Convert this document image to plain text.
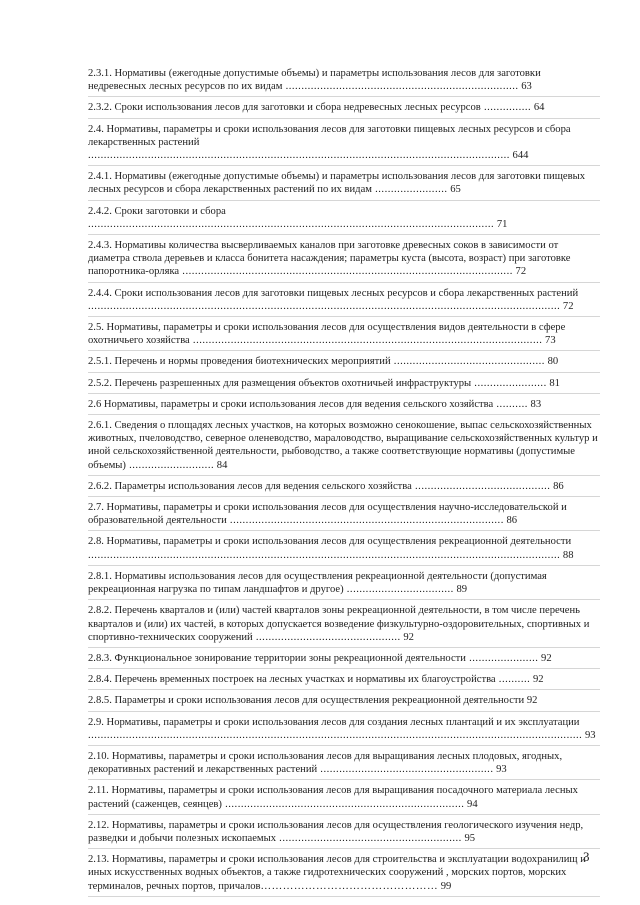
2.3.1. Нормативы (ежегодные допустимые объемы) и параметры использования лесов для заготовки недревесных лесных ресурсов по их видам .......................................................................... 63
2.3.2. Сроки использования лесов для заготовки и сбора недревесных лесных ресурсов ............... 64
2.4. Нормативы, параметры и сроки использования лесов для заготовки пищевых лесных ресурсов и сбора лекарственных растений ...................................................................................................................................... 644
2.4.1. Нормативы (ежегодные допустимые объемы) и параметры использования лесов для заготовки пищевых лесных ресурсов и сбора лекарственных растений по их видам ....................... 65
2.4.2. Сроки заготовки и сбора ................................................................................................................................. 71
2.4.3. Нормативы количества высверливаемых каналов при заготовке древесных соков в зависимости от диаметра ствола деревьев и класса бонитета насаждения; параметры куста (высота, возраст) при заготовке папоротника-орляка ......................................................................................................... 72
2.4.4. Сроки использования лесов для заготовки пищевых лесных ресурсов и сбора лекарственных растений ...................................................................................................................................................... 72
2.5. Нормативы, параметры и сроки использования лесов для осуществления видов деятельности в сфере охотничьего хозяйства ............................................................................................................... 73
2.5.1. Перечень и нормы проведения биотехнических мероприятий ................................................ 80
2.5.2. Перечень разрешенных для размещения объектов охотничьей инфраструктуры ....................... 81
2.6 Нормативы, параметры и сроки использования лесов для ведения сельского хозяйства .......... 83
2.6.1. Сведения о площадях лесных участков, на которых возможно сенокошение, выпас сельскохозяйственных животных, пчеловодство, северное оленеводство, мараловодство, выращивание сельскохозяйственных культур и иной сельскохозяйственной деятельности, рыбоводство, а также соответствующие нормативы (допустимые объемы) ........................... 84
2.6.2. Параметры использования лесов для ведения сельского хозяйства ........................................... 86
2.7. Нормативы, параметры и сроки использования лесов для осуществления научно-исследовательской и образовательной деятельности ....................................................................................... 86
2.8. Нормативы, параметры и сроки использования лесов для осуществления рекреационной деятельности ...................................................................................................................................................... 88
2.8.1. Нормативы использования лесов для осуществления рекреационной деятельности (допустимая рекреационная нагрузка по типам ландшафтов и другое) .................................. 89
2.8.2. Перечень кварталов и (или) частей кварталов зоны рекреационной деятельности, в том числе перечень кварталов и (или) их частей, в которых допускается возведение физкультурно-оздоровительных, спортивных и спортивно-технических сооружений .............................................. 92
2.8.3. Функциональное зонирование территории зоны рекреационной деятельности ...................... 92
2.8.4. Перечень временных построек на лесных участках и нормативы их благоустройства .......... 92
2.8.5. Параметры и сроки использования лесов для осуществления рекреационной деятельности 92
2.9. Нормативы, параметры и сроки использования лесов для создания лесных плантаций и их эксплуатации ............................................................................................................................................................. 93
2.10. Нормативы, параметры и сроки использования лесов для выращивания лесных плодовых, ягодных, декоративных растений и лекарственных растений ....................................................... 93
2.11. Нормативы, параметры и сроки использования лесов для выращивания посадочного материала лесных растений (саженцев, сеянцев) ............................................................................ 94
2.12. Нормативы, параметры и сроки использования лесов для осуществления геологического изучения недр, разведки и добычи полезных ископаемых .......................................................... 95
2.13. Нормативы, параметры и сроки использования лесов для строительства и эксплуатации водохранилищ и иных искусственных водных объектов, а также гидротехнических сооружений , морских портов, морских терминалов, речных портов, причалов………………………………………… 99
3
